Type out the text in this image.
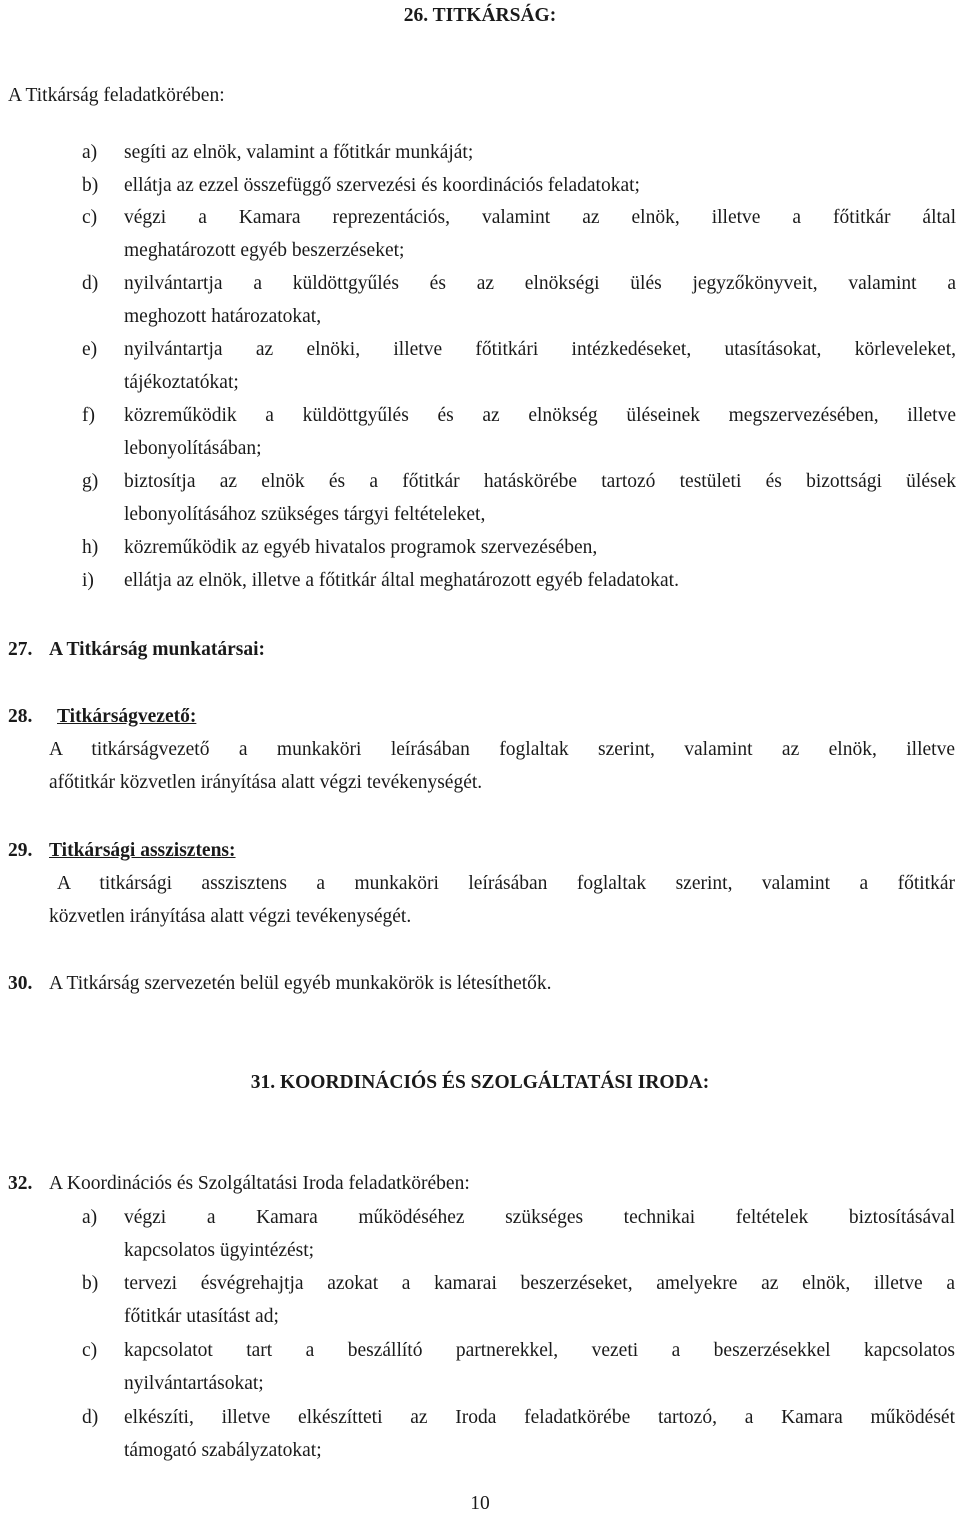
26. TITKÁRSÁG:
A Titkárság feladatkörében:
a) segíti az elnök, valamint a főtitkár munkáját;
b) ellátja az ezzel összefüggő szervezési és koordinációs feladatokat;
c) végzi a Kamara reprezentációs, valamint az elnök, illetve a főtitkár által
meghatározott egyéb beszerzéseket;
d) nyilvántartja a küldöttgyűlés és az elnökségi ülés jegyzőkönyveit, valamint a
meghozott határozatokat,
e) nyilvántartja az elnöki, illetve főtitkári intézkedéseket, utasításokat, körleveleket,
tájékoztatókat;
f) közreműködik a küldöttgyűlés és az elnökség üléseinek megszervezésében, illetve
lebonyolításában;
g) biztosítja az elnök és a főtitkár hatáskörébe tartozó testületi és bizottsági ülések
lebonyolításához szükséges tárgyi feltételeket,
h) közreműködik az egyéb hivatalos programok szervezésében,
i) ellátja az elnök, illetve a főtitkár által meghatározott egyéb feladatokat.
27. A Titkárság munkatársai:
28. Titkárságvezető:
A titkárságvezető a munkaköri leírásában foglaltak szerint, valamint az elnök, illetve
afőtitkár közvetlen irányítása alatt végzi tevékenységét.
29. Titkársági asszisztens:
A titkársági asszisztens a munkaköri leírásában foglaltak szerint, valamint a főtitkár
közvetlen irányítása alatt végzi tevékenységét.
30. A Titkárság szervezetén belül egyéb munkakörök is létesíthetők.
31. KOORDINÁCIÓS ÉS SZOLGÁLTATÁSI IRODA:
32. A Koordinációs és Szolgáltatási Iroda feladatkörében:
a) végzi a Kamara működéséhez szükséges technikai feltételek biztosításával
kapcsolatos ügyintézést;
b) tervezi ésvégrehajtja azokat a kamarai beszerzéseket, amelyekre az elnök, illetve a
főtitkár utasítást ad;
c) kapcsolatot tart a beszállító partnerekkel, vezeti a beszerzésekkel kapcsolatos
nyilvántartásokat;
d) elkészíti, illetve elkészítteti az Iroda feladatkörébe tartozó, a Kamara működését
támogató szabályzatokat;
10
